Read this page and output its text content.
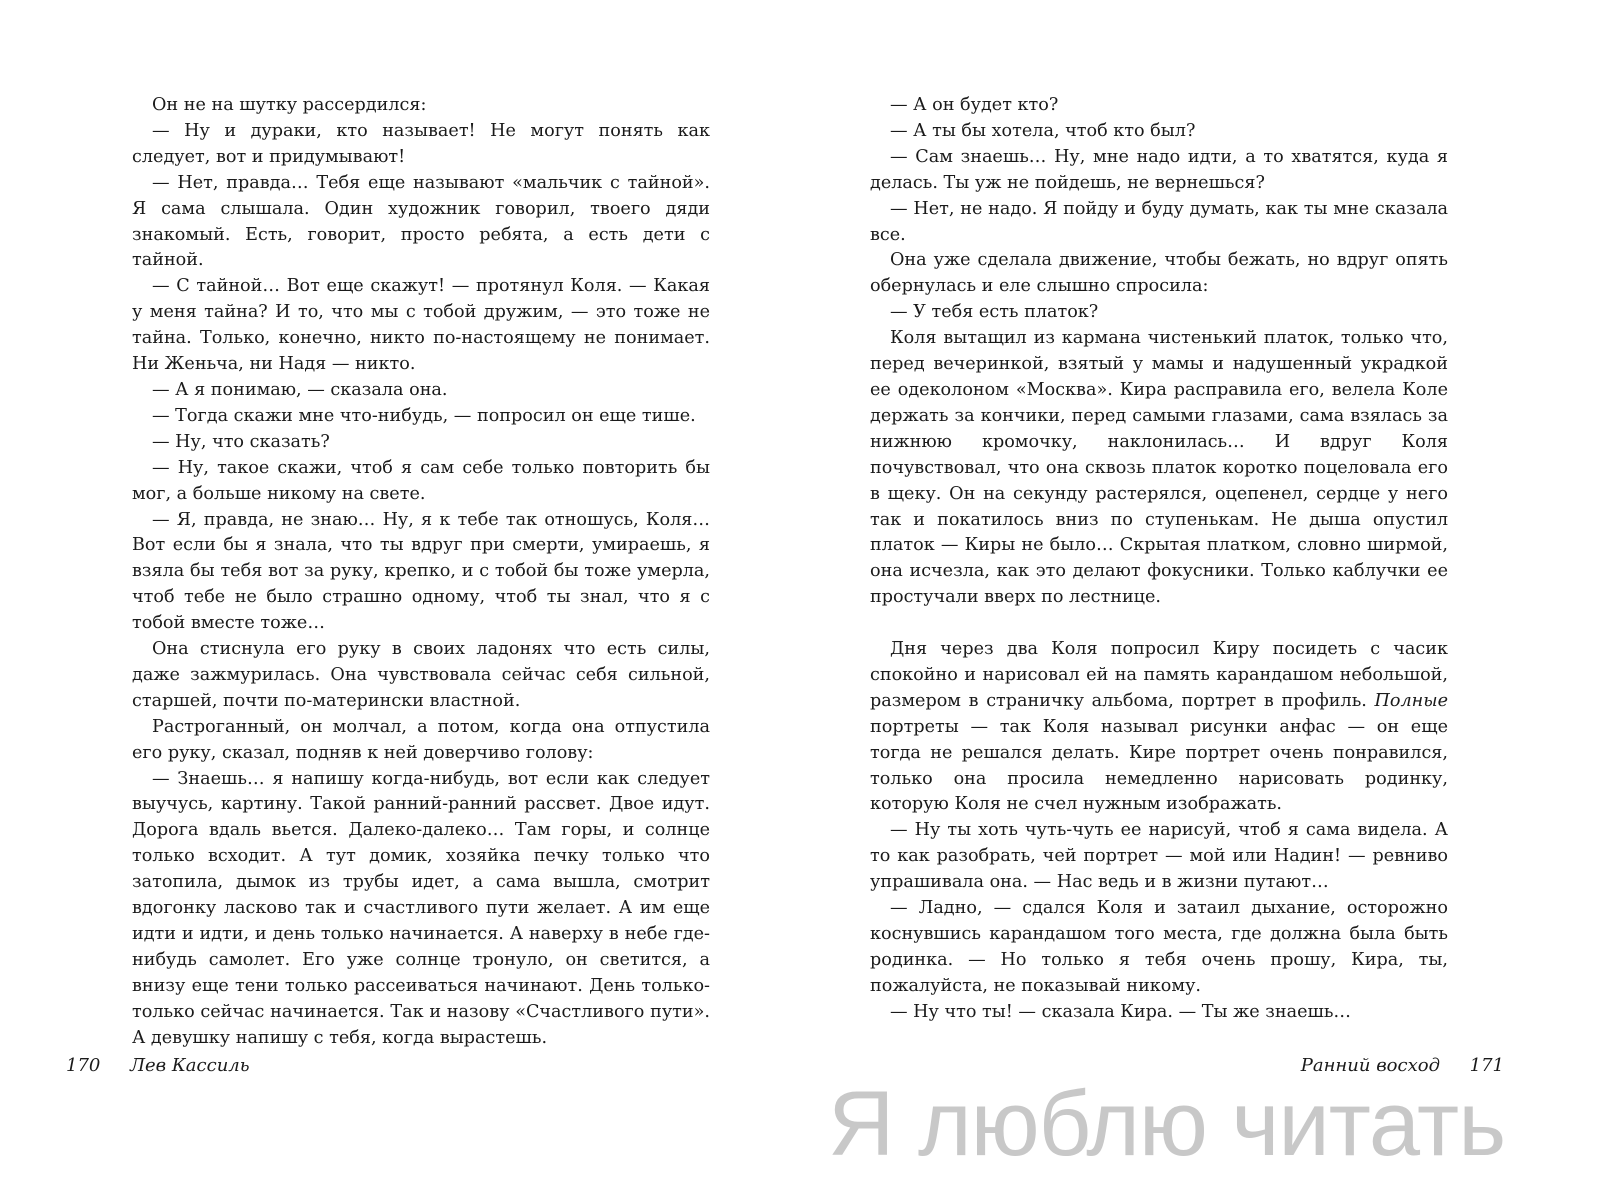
Он не на шутку рассердился:

— Ну и дураки, кто называет! Не могут понять как следует, вот и придумывают!

— Нет, правда… Тебя еще называют «мальчик с тайной». Я сама слышала. Один художник говорил, твоего дяди знакомый. Есть, говорит, просто ребята, а есть дети с тайной.

— С тайной… Вот еще скажут! — протянул Коля. — Какая у меня тайна? И то, что мы с тобой дружим, — это тоже не тайна. Только, конечно, никто по-настоящему не понимает. Ни Женьча, ни Надя — никто.

— А я понимаю, — сказала она.

— Тогда скажи мне что-нибудь, — попросил он еще тише.

— Ну, что сказать?

— Ну, такое скажи, чтоб я сам себе только повторить бы мог, а больше никому на свете.

— Я, правда, не знаю… Ну, я к тебе так отношусь, Коля… Вот если бы я знала, что ты вдруг при смерти, умираешь, я взяла бы тебя вот за руку, крепко, и с тобой бы тоже умерла, чтоб тебе не было страшно одному, чтоб ты знал, что я с тобой вместе тоже…

Она стиснула его руку в своих ладонях что есть силы, даже зажмурилась. Она чувствовала сейчас себя сильной, старшей, почти по-матерински властной.

Растроганный, он молчал, а потом, когда она отпустила его руку, сказал, подняв к ней доверчиво голову:

— Знаешь… я напишу когда-нибудь, вот если как следует выучусь, картину. Такой ранний-ранний рассвет. Двое идут. Дорога вдаль вьется. Далеко-далеко… Там горы, и солнце только всходит. А тут домик, хозяйка печку только что затопила, дымок из трубы идет, а сама вышла, смотрит вдогонку ласково так и счастливого пути желает. А им еще идти и идти, и день только начинается. А наверху в небе где-нибудь самолет. Его уже солнце тронуло, он светится, а внизу еще тени только рассеиваться начинают. День только-только сейчас начинается. Так и назову «Счастливого пути». А девушку напишу с тебя, когда вырастешь.

170 Лев Кассиль

— А он будет кто?

— А ты бы хотела, чтоб кто был?

— Сам знаешь… Ну, мне надо идти, а то хватятся, куда я делась. Ты уж не пойдешь, не вернешься?

— Нет, не надо. Я пойду и буду думать, как ты мне сказала все.

Она уже сделала движение, чтобы бежать, но вдруг опять обернулась и еле слышно спросила:

— У тебя есть платок?

Коля вытащил из кармана чистенький платок, только что, перед вечеринкой, взятый у мамы и надушенный украдкой ее одеколоном «Москва». Кира расправила его, велела Коле держать за кончики, перед самыми глазами, сама взялась за нижнюю кромочку, наклонилась… И вдруг Коля почувствовал, что она сквозь платок коротко поцеловала его в щеку. Он на секунду растерялся, оцепенел, сердце у него так и покатилось вниз по ступенькам. Не дыша опустил платок — Киры не было… Скрытая платком, словно ширмой, она исчезла, как это делают фокусники. Только каблучки ее простучали вверх по лестнице.

Дня через два Коля попросил Киру посидеть с часик спокойно и нарисовал ей на память карандашом небольшой, размером в страничку альбома, портрет в профиль. Полные портреты — так Коля называл рисунки анфас — он еще тогда не решался делать. Кире портрет очень понравился, только она просила немедленно нарисовать родинку, которую Коля не счел нужным изображать.

— Ну ты хоть чуть-чуть ее нарисуй, чтоб я сама видела. А то как разобрать, чей портрет — мой или Надин! — ревниво упрашивала она. — Нас ведь и в жизни путают…

— Ладно, — сдался Коля и затаил дыхание, осторожно коснувшись карандашом того места, где должна была быть родинка. — Но только я тебя очень прошу, Кира, ты, пожалуйста, не показывай никому.

— Ну что ты! — сказала Кира. — Ты же знаешь…

Ранний восход 171
Я люблю читать
